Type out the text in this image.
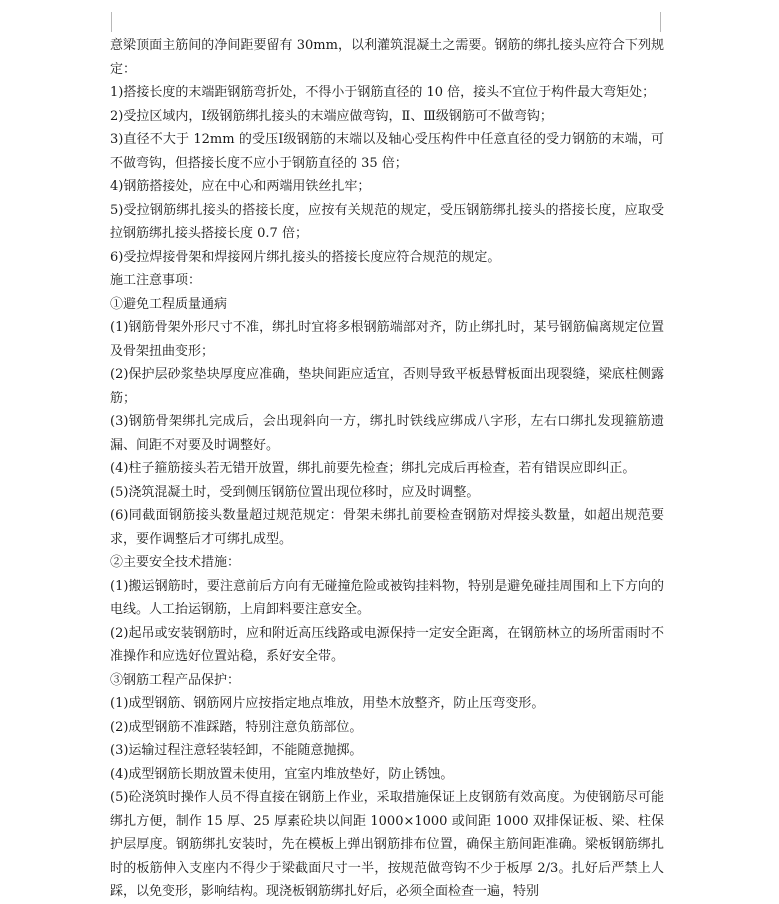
意梁顶面主筋间的净间距要留有 30mm，以利灌筑混凝土之需要。钢筋的绑扎接头应符合下列规定：

1)搭接长度的末端距钢筋弯折处，不得小于钢筋直径的 10 倍，接头不宜位于构件最大弯矩处；

2)受拉区域内，Ⅰ级钢筋绑扎接头的末端应做弯钩，Ⅱ、Ⅲ级钢筋可不做弯钩；

3)直径不大于 12mm 的受压Ⅰ级钢筋的末端以及轴心受压构件中任意直径的受力钢筋的末端，可不做弯钩，但搭接长度不应小于钢筋直径的 35 倍；

4)钢筋搭接处，应在中心和两端用铁丝扎牢；

5)受拉钢筋绑扎接头的搭接长度，应按有关规范的规定，受压钢筋绑扎接头的搭接长度，应取受拉钢筋绑扎接头搭接长度 0.7 倍；

6)受拉焊接骨架和焊接网片绑扎接头的搭接长度应符合规范的规定。

施工注意事项：

①避免工程质量通病

(1)钢筋骨架外形尺寸不准，绑扎时宜将多根钢筋端部对齐，防止绑扎时，某号钢筋偏离规定位置及骨架扭曲变形；

(2)保护层砂浆垫块厚度应准确，垫块间距应适宜，否则导致平板悬臂板面出现裂缝，梁底柱侧露筋；

(3)钢筋骨架绑扎完成后，会出现斜向一方，绑扎时铁线应绑成八字形，左右口绑扎发现箍筋遗漏、间距不对要及时调整好。

(4)柱子箍筋接头若无错开放置，绑扎前要先检查；绑扎完成后再检查，若有错误应即纠正。

(5)浇筑混凝土时，受到侧压钢筋位置出现位移时，应及时调整。

(6)同截面钢筋接头数量超过规范规定：骨架未绑扎前要检查钢筋对焊接头数量，如超出规范要求，要作调整后才可绑扎成型。

②主要安全技术措施：

(1)搬运钢筋时，要注意前后方向有无碰撞危险或被钩挂料物，特别是避免碰挂周围和上下方向的电线。人工抬运钢筋，上肩卸料要注意安全。

(2)起吊或安装钢筋时，应和附近高压线路或电源保持一定安全距离，在钢筋林立的场所雷雨时不准操作和应选好位置站稳，系好安全带。

③钢筋工程产品保护：

(1)成型钢筋、钢筋网片应按指定地点堆放，用垫木放整齐，防止压弯变形。

(2)成型钢筋不准踩踏，特别注意负筋部位。

(3)运输过程注意轻装轻卸，不能随意抛掷。

(4)成型钢筋长期放置未使用，宜室内堆放垫好，防止锈蚀。

(5)砼浇筑时操作人员不得直接在钢筋上作业，采取措施保证上皮钢筋有效高度。为使钢筋尽可能绑扎方便，制作 15 厚、25 厚素砼块以间距 1000×1000 或间距 1000 双排保证板、梁、柱保护层厚度。钢筋绑扎安装时，先在模板上弹出钢筋排布位置，确保主筋间距准确。梁板钢筋绑扎时的板筋伸入支座内不得少于梁截面尺寸一半，按规范做弯钩不少于板厚 2/3。扎好后严禁上人踩，以免变形，影响结构。现浇板钢筋绑扎好后，必须全面检查一遍，特别
